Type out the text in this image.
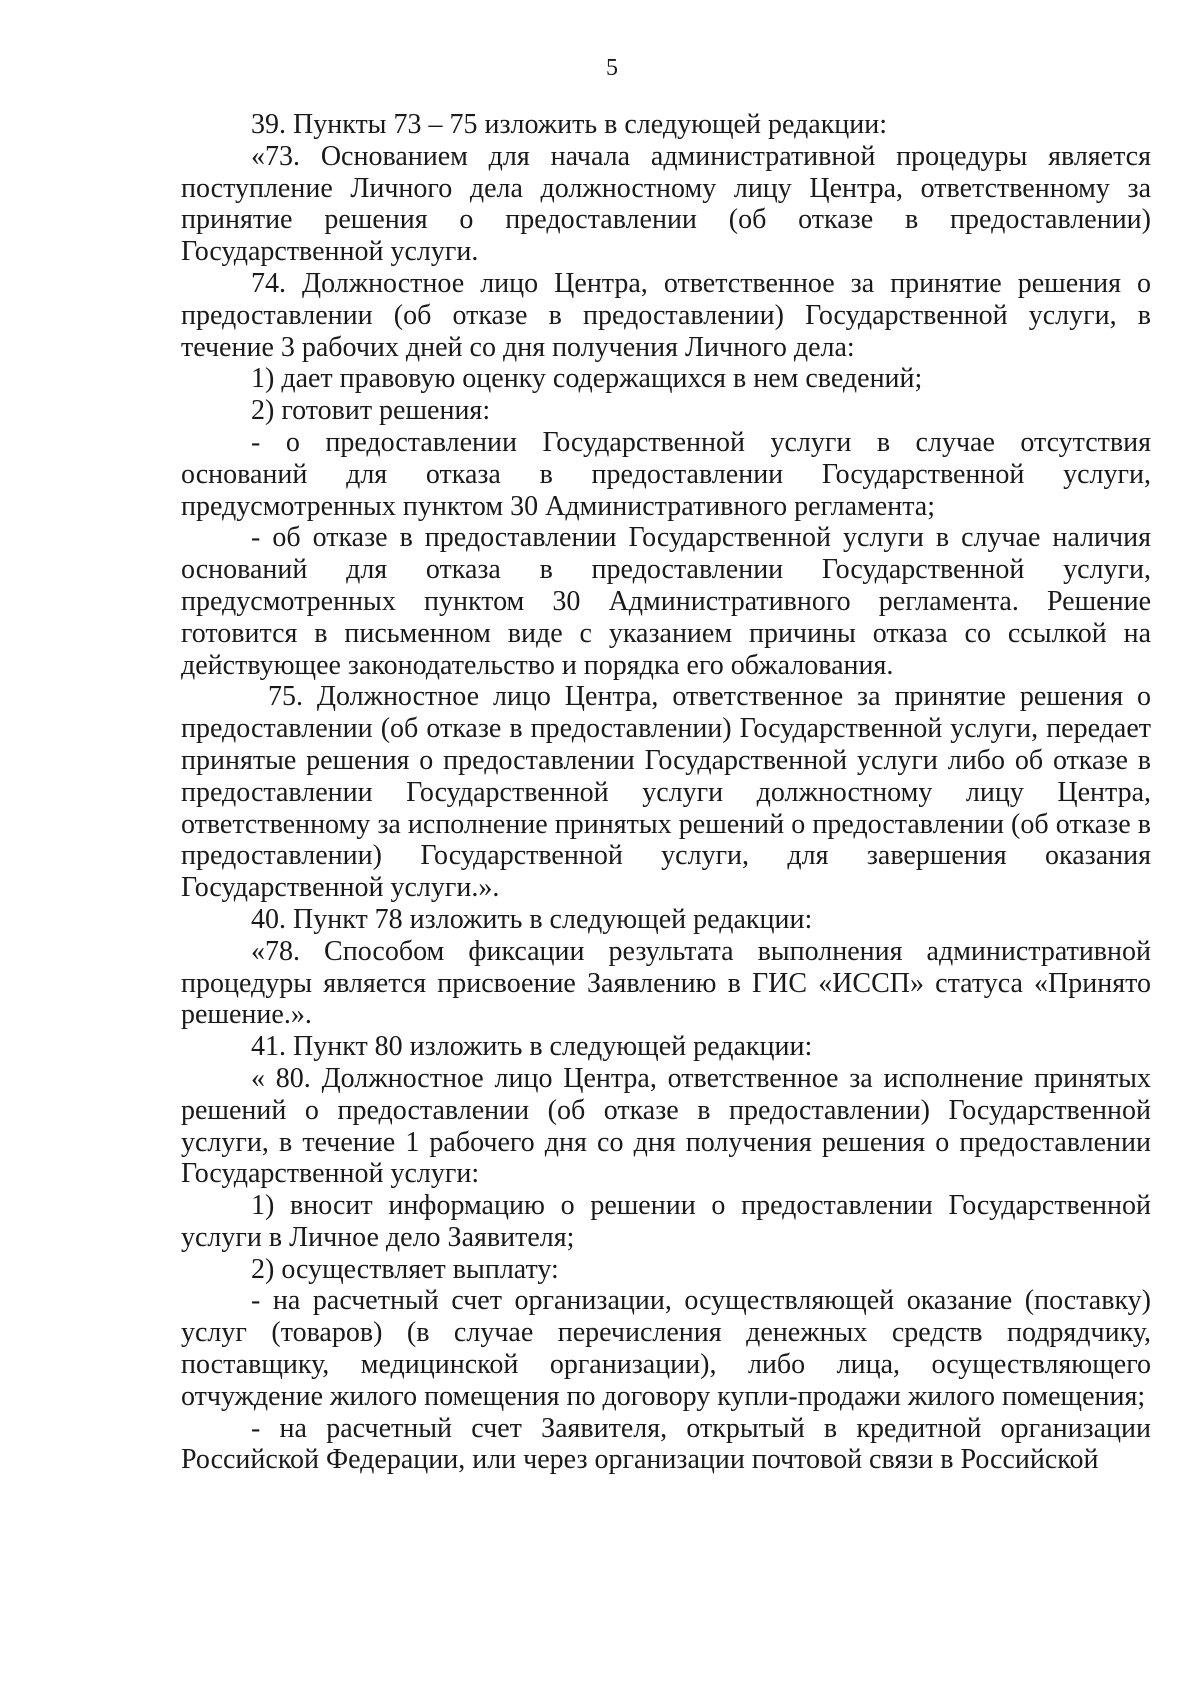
5

39. Пункты 73 – 75 изложить в следующей редакции:

«73. Основанием для начала административной процедуры является поступление Личного дела должностному лицу Центра, ответственному за принятие решения о предоставлении (об отказе в предоставлении) Государственной услуги.

74. Должностное лицо Центра, ответственное за принятие решения о предоставлении (об отказе в предоставлении) Государственной услуги, в течение 3 рабочих дней со дня получения Личного дела:

1) дает правовую оценку содержащихся в нем сведений;

2) готовит решения:

- о предоставлении Государственной услуги в случае отсутствия оснований для отказа в предоставлении Государственной услуги, предусмотренных пунктом 30 Административного регламента;

- об отказе в предоставлении Государственной услуги в случае наличия оснований для отказа в предоставлении Государственной услуги, предусмотренных пунктом 30 Административного регламента. Решение готовится в письменном виде с указанием причины отказа со ссылкой на действующее законодательство и порядка его обжалования.

75. Должностное лицо Центра, ответственное за принятие решения о предоставлении (об отказе в предоставлении) Государственной услуги, передает принятые решения о предоставлении Государственной услуги либо об отказе в предоставлении Государственной услуги должностному лицу Центра, ответственному за исполнение принятых решений о предоставлении (об отказе в предоставлении) Государственной услуги, для завершения оказания Государственной услуги.».

40. Пункт 78 изложить в следующей редакции:

«78. Способом фиксации результата выполнения административной процедуры является присвоение Заявлению в ГИС «ИССП» статуса «Принято решение.».

41. Пункт 80 изложить в следующей редакции:

« 80. Должностное лицо Центра, ответственное за исполнение принятых решений о предоставлении (об отказе в предоставлении) Государственной услуги, в течение 1 рабочего дня со дня получения решения о предоставлении Государственной услуги:

1) вносит информацию о решении о предоставлении Государственной услуги в Личное дело Заявителя;

2) осуществляет выплату:

- на расчетный счет организации, осуществляющей оказание (поставку) услуг (товаров) (в случае перечисления денежных средств подрядчику, поставщику, медицинской организации), либо лица, осуществляющего отчуждение жилого помещения по договору купли-продажи жилого помещения;

- на расчетный счет Заявителя, открытый в кредитной организации Российской Федерации, или через организации почтовой связи в Российской
